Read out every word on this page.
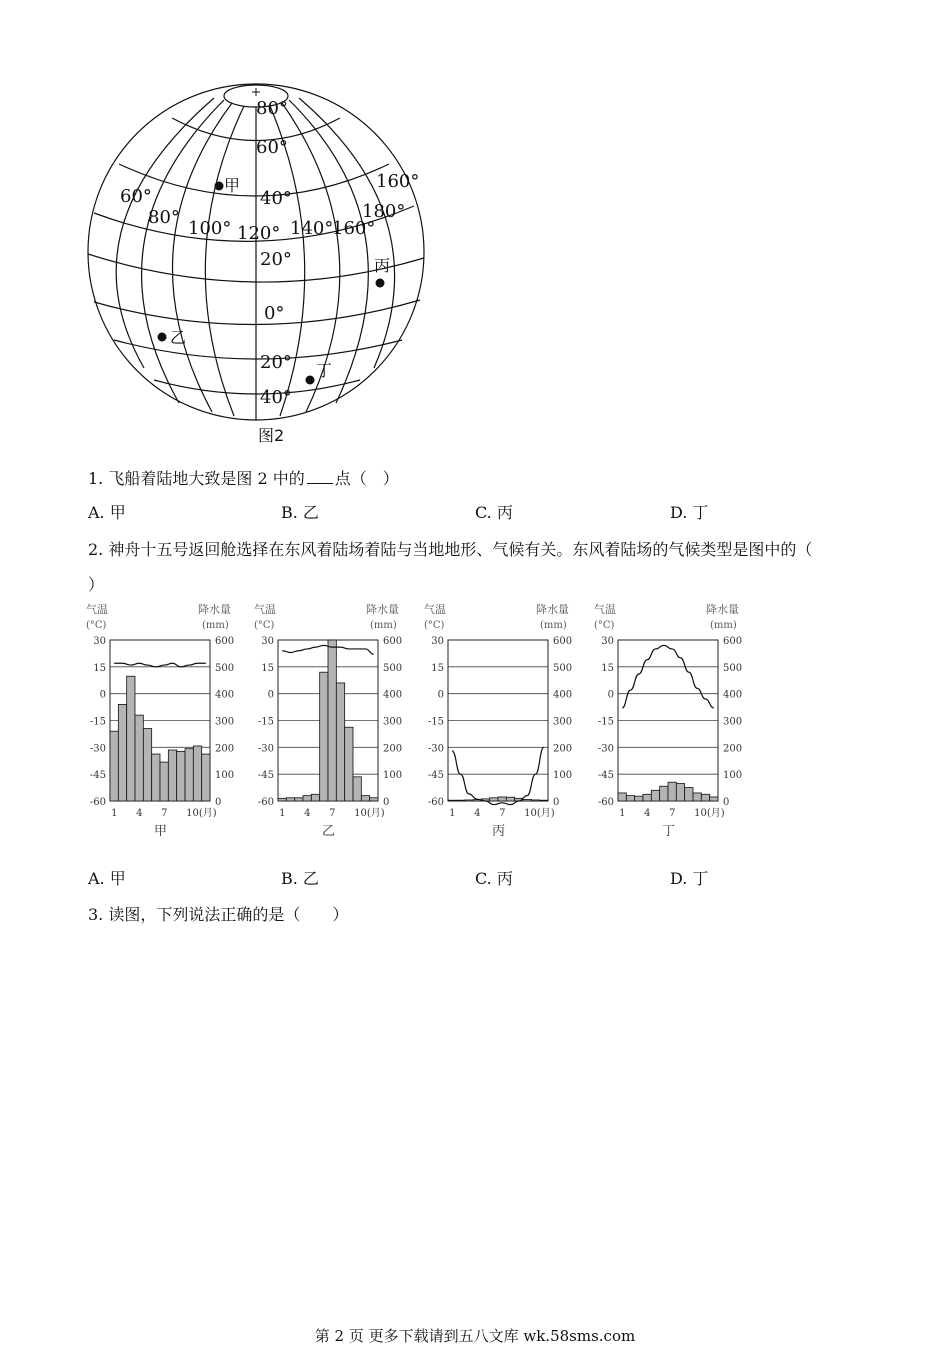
80°
60°
40°
20°
0°
20°
40°
60°
80°
100° 120° 140°
160°
180°
160°
甲
乙
丙
丁
图2
1. 飞船着陆地大致是图 2 中的 点（　）
A. 甲	B. 乙	C. 丙	D. 丁
2. 神舟十五号返回舱选择在东风着陆场着陆与当地地形、气候有关。东风着陆场的气候类型是图中的（
）
气温
(°C)
降水量
(mm)
30	600
15	500
0	400
-15	300
-30	200
-45	100
-60	0
1 4 7 10(月)
甲
气温
(°C)
降水量
(mm)
30	600
15	500
0	400
-15	300
-30	200
-45	100
-60	0
1 4 7 10(月)
乙
气温
(°C)
降水量
(mm)
30	600
15	500
0	400
-15	300
-30	200
-45	100
-60	0
1 4 7 10(月)
丙
气温
(°C)
降水量
(mm)
30	600
15	500
0	400
-15	300
-30	200
-45	100
-60	0
1 4 7 10(月)
丁
A. 甲	B. 乙	C. 丙	D. 丁
3. 读图，下列说法正确的是（　　）
第 2 页 更多下载请到五八文库 wk.58sms.com
